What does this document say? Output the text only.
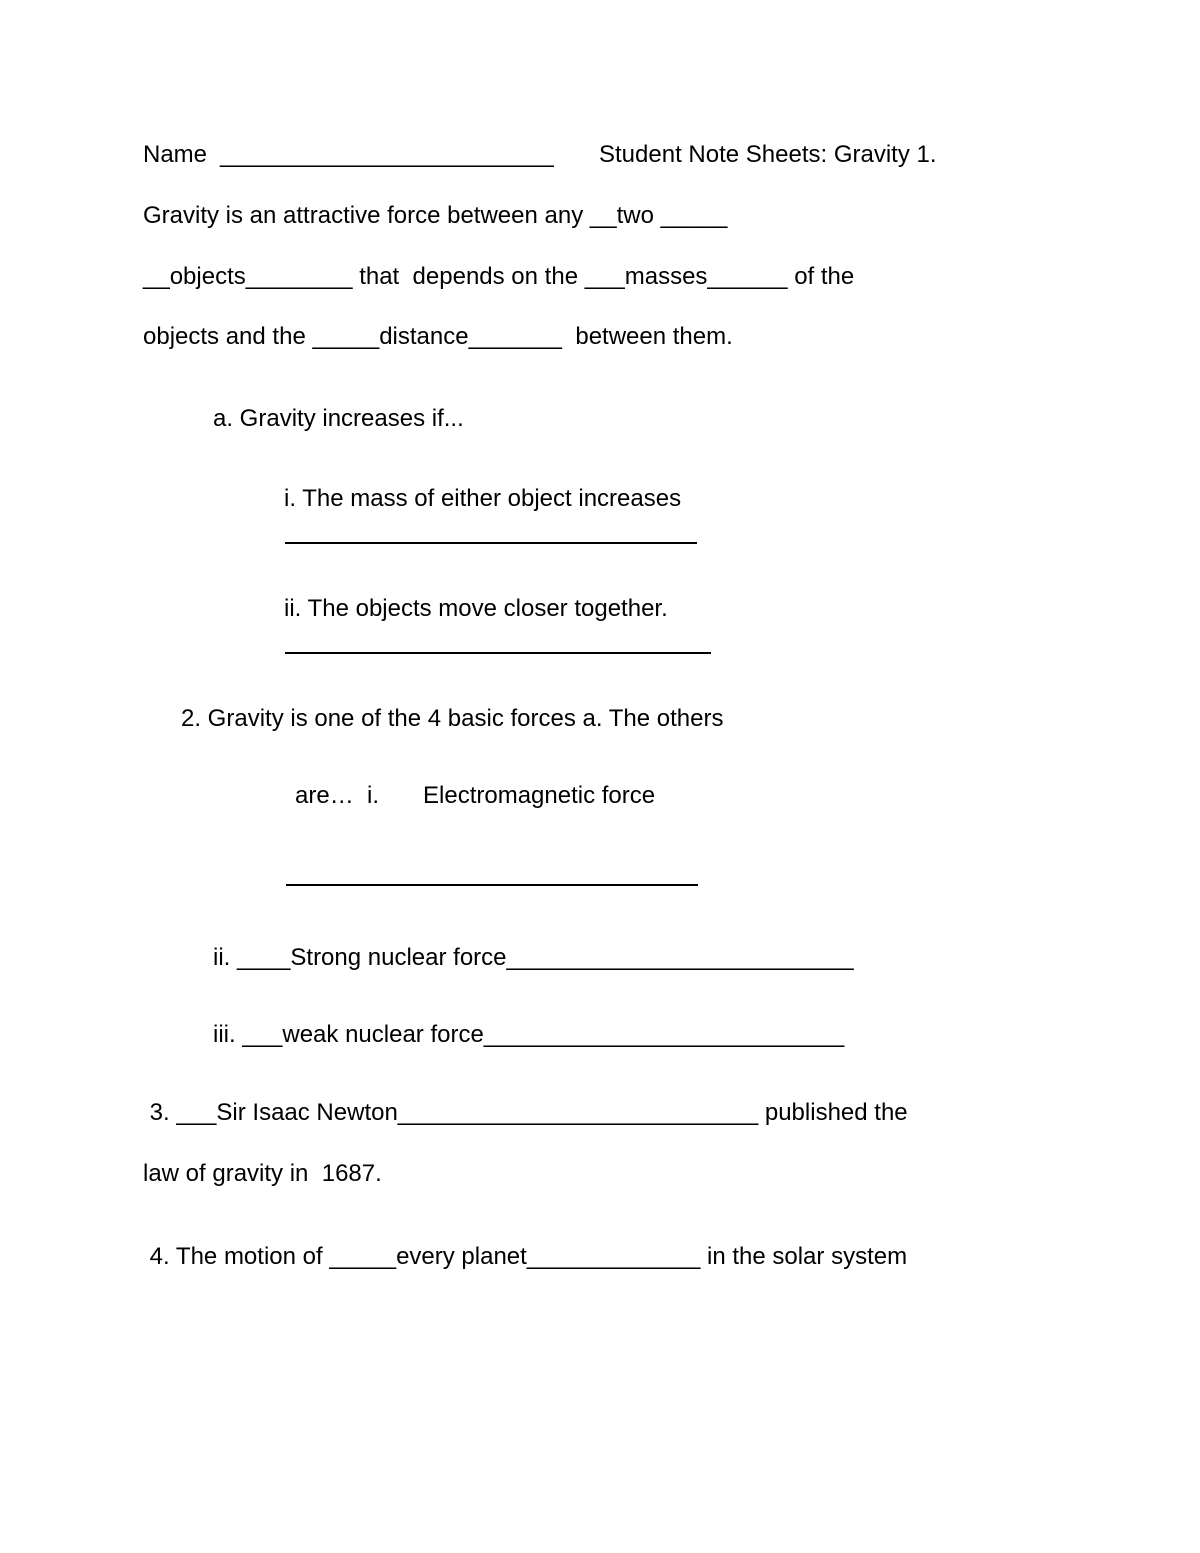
Name _________________________ Student Note Sheets: Gravity 1.
Gravity is an attractive force between any __two _____
__objects________ that  depends on the ___masses______ of the
objects and the _____distance_______  between them.
a. Gravity increases if...
i. The mass of either object increases
ii. The objects move closer together.
2. Gravity is one of the 4 basic forces a. The others
are…  i. Electromagnetic force
ii. ____Strong nuclear force__________________________
iii. ___weak nuclear force___________________________
3. ___Sir Isaac Newton___________________________ published the
law of gravity in  1687.
4. The motion of _____every planet_____________ in the solar system
